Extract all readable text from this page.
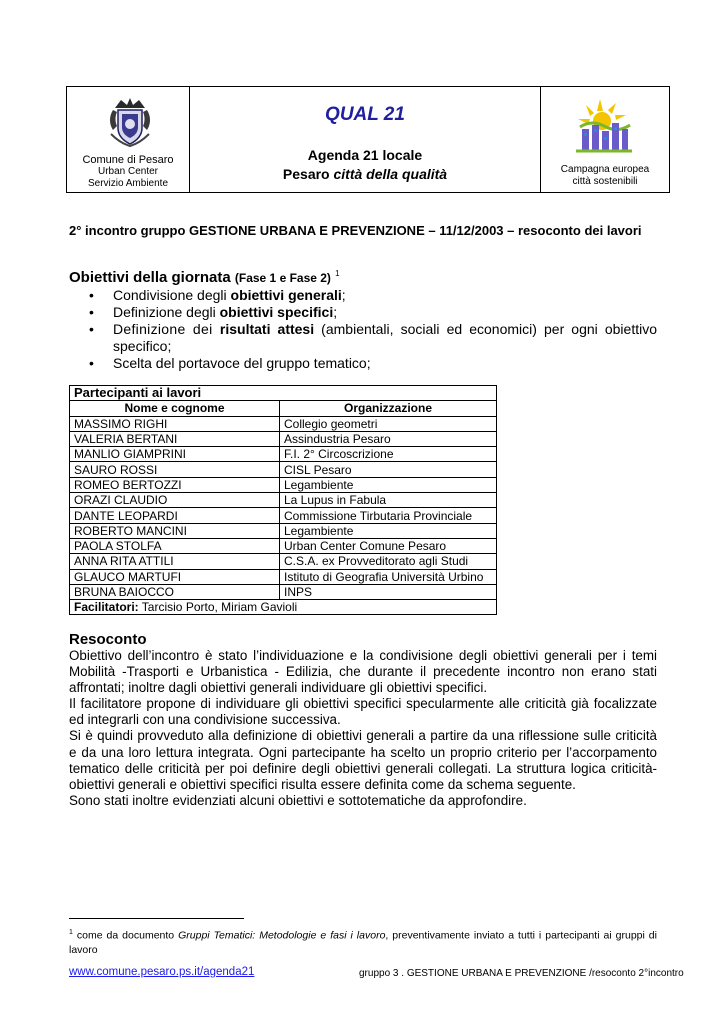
Comune di Pesaro
Urban Center
Servizio Ambiente
QUAL 21
Agenda 21 locale
Pesaro città della qualità	Campagna europea
città sostenibili
2° incontro gruppo GESTIONE URBANA E PREVENZIONE – 11/12/2003 – resoconto dei lavori
Obiettivi della giornata (Fase 1 e Fase 2) $^1$
• Condivisione degli obiettivi generali;
• Definizione degli obiettivi specifici;
• Definizione dei risultati attesi (ambientali, sociali ed economici) per ogni obiettivo specifico;
• Scelta del portavoce del gruppo tematico;
Partecipanti ai lavori	
Nome e cognome	Organizzazione
MASSIMO RIGHI	Collegio geometri
VALERIA BERTANI	Assindustria Pesaro
MANLIO GIAMPRINI	F.I. 2° Circoscrizione
SAURO ROSSI	CISL Pesaro
ROMEO BERTOZZI	Legambiente
ORAZI CLAUDIO	La Lupus in Fabula
DANTE LEOPARDI	Commissione Tirbutaria Provinciale
ROBERTO MANCINI	Legambiente
PAOLA STOLFA	Urban Center Comune Pesaro
ANNA RITA ATTILI	C.S.A. ex Provveditorato agli Studi
GLAUCO MARTUFI	Istituto di Geografia Università Urbino
BRUNA BAIOCCO	INPS
Facilitatori: Tarcisio Porto, Miriam Gavioli	
Resoconto

Obiettivo dell’incontro è stato l’individuazione e la condivisione degli obiettivi generali per i temi Mobilità -Trasporti e Urbanistica - Edilizia, che durante il precedente incontro non erano stati affrontati; inoltre dagli obiettivi generali individuare gli obiettivi specifici.

Il facilitatore propone di individuare gli obiettivi specifici specularmente alle criticità già focalizzate ed integrarli con una condivisione successiva.

Si è quindi provveduto alla definizione di obiettivi generali a partire da una riflessione sulle criticità e da una loro lettura integrata. Ogni partecipante ha scelto un proprio criterio per l’accorpamento tematico delle criticità per poi definire degli obiettivi generali collegati. La struttura logica criticità-obiettivi generali e obiettivi specifici risulta essere definita come da schema seguente.

Sono stati inoltre evidenziati alcuni obiettivi e sottotematiche da approfondire.

$^1$ come da documento Gruppi Tematici: Metodologie e fasi i lavoro, preventivamente inviato a tutti i partecipanti ai gruppi di lavoro
www.comune.pesaro.ps.it/agenda21	gruppo 3 . GESTIONE URBANA E PREVENZIONE /resoconto 2°incontro
